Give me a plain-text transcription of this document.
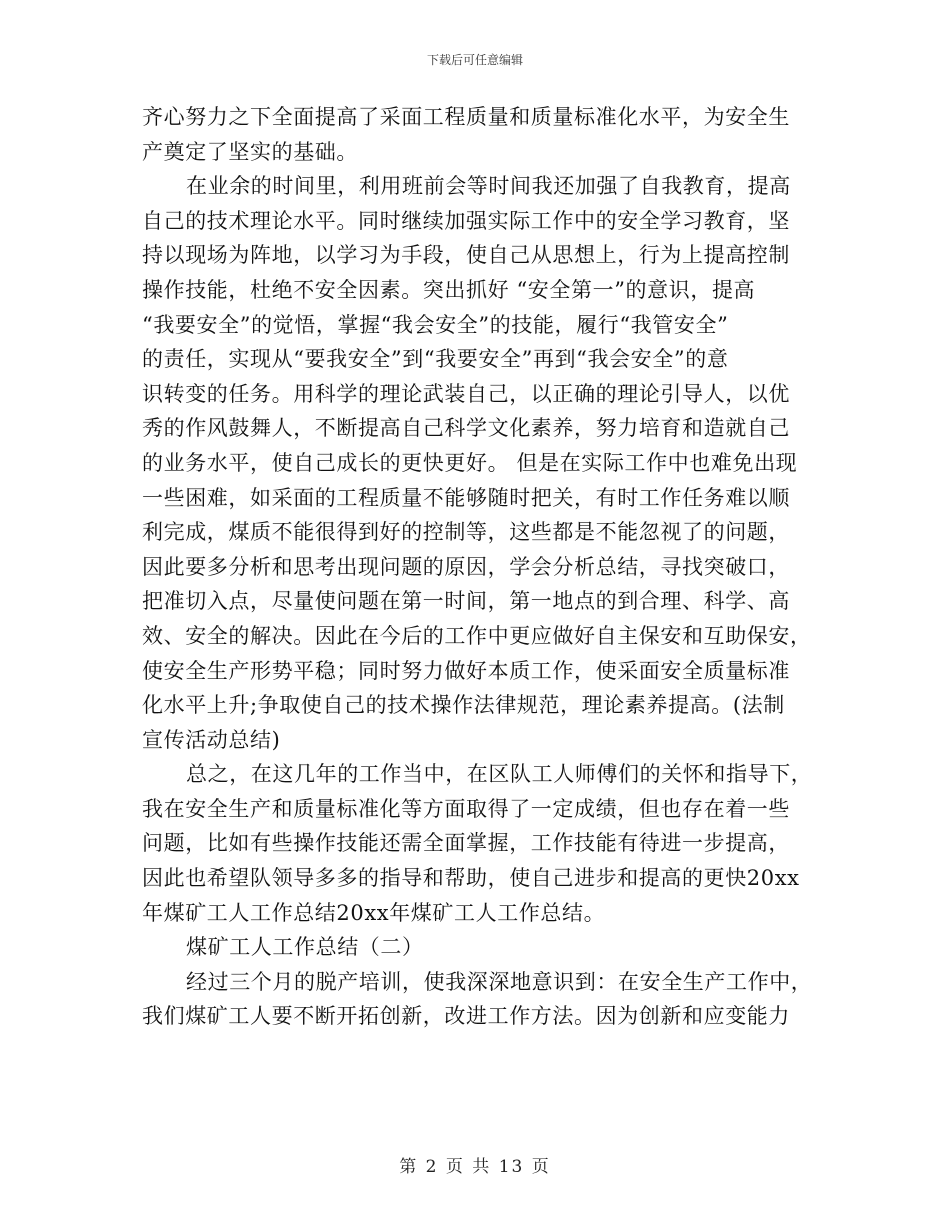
下载后可任意编辑
齐心努力之下全面提高了采面工程质量和质量标准化水平，为安全生
产奠定了坚实的基础。
在业余的时间里，利用班前会等时间我还加强了自我教育，提高
自己的技术理论水平。同时继续加强实际工作中的安全学习教育，坚
持以现场为阵地，以学习为手段，使自己从思想上，行为上提高控制
操作技能，杜绝不安全因素。突出抓好 “安全第一”的意识，提高
“我要安全”的觉悟，掌握“我会安全”的技能，履行“我管安全”
的责任，实现从“要我安全”到“我要安全”再到“我会安全”的意
识转变的任务。用科学的理论武装自己，以正确的理论引导人，以优
秀的作风鼓舞人，不断提高自己科学文化素养，努力培育和造就自己
的业务水平，使自己成长的更快更好。 但是在实际工作中也难免出现
一些困难，如采面的工程质量不能够随时把关，有时工作任务难以顺
利完成，煤质不能很得到好的控制等，这些都是不能忽视了的问题，
因此要多分析和思考出现问题的原因，学会分析总结，寻找突破口，
把准切入点，尽量使问题在第一时间，第一地点的到合理、科学、高
效、安全的解决。因此在今后的工作中更应做好自主保安和互助保安，
使安全生产形势平稳；同时努力做好本质工作，使采面安全质量标准
化水平上升;争取使自己的技术操作法律规范，理论素养提高。(法制
宣传活动总结)
总之，在这几年的工作当中，在区队工人师傅们的关怀和指导下，
我在安全生产和质量标准化等方面取得了一定成绩，但也存在着一些
问题，比如有些操作技能还需全面掌握，工作技能有待进一步提高，
因此也希望队领导多多的指导和帮助，使自己进步和提高的更快20xx
年煤矿工人工作总结20xx年煤矿工人工作总结。
煤矿工人工作总结（二）
经过三个月的脱产培训，使我深深地意识到：在安全生产工作中，
我们煤矿工人要不断开拓创新，改进工作方法。因为创新和应变能力
第 2 页 共 13 页
